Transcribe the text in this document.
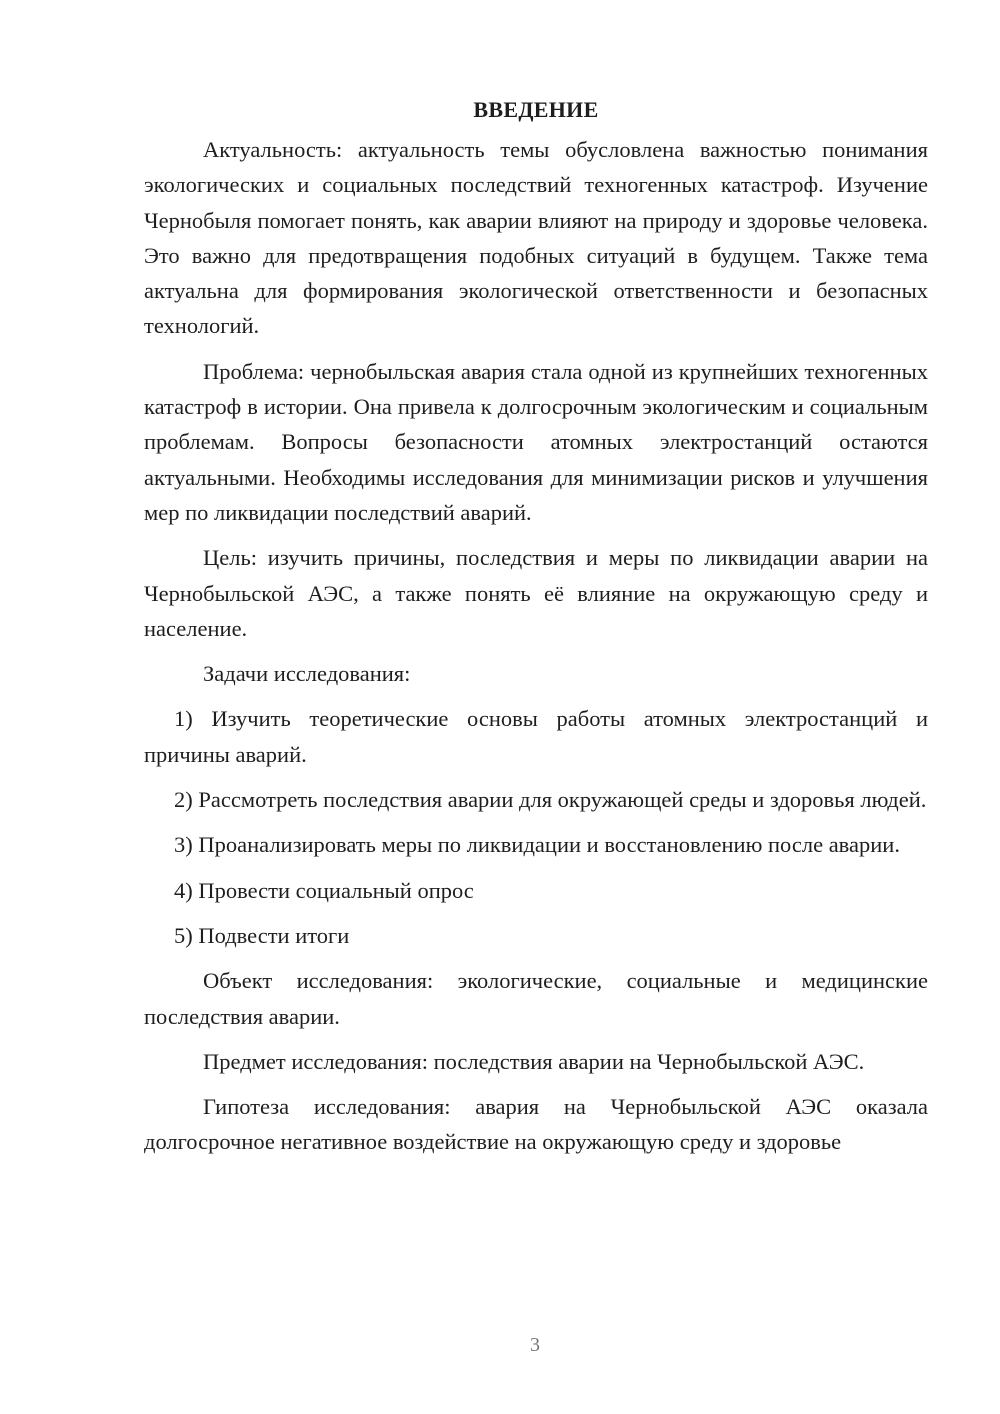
ВВЕДЕНИЕ

Актуальность: актуальность темы обусловлена важностью понимания экологических и социальных последствий техногенных катастроф. Изучение Чернобыля помогает понять, как аварии влияют на природу и здоровье человека. Это важно для предотвращения подобных ситуаций в будущем. Также тема актуальна для формирования экологической ответственности и безопасных технологий.

Проблема: чернобыльская авария стала одной из крупнейших техногенных катастроф в истории. Она привела к долгосрочным экологическим и социальным проблемам. Вопросы безопасности атомных электростанций остаются актуальными. Необходимы исследования для минимизации рисков и улучшения мер по ликвидации последствий аварий.

Цель: изучить причины, последствия и меры по ликвидации аварии на Чернобыльской АЭС, а также понять её влияние на окружающую среду и население.

Задачи исследования:

1) Изучить теоретические основы работы атомных электростанций и причины аварий.

2) Рассмотреть последствия аварии для окружающей среды и здоровья людей.

3) Проанализировать меры по ликвидации и восстановлению после аварии.

4) Провести социальный опрос

5) Подвести итоги

Объект исследования: экологические, социальные и медицинские последствия аварии.

Предмет исследования: последствия аварии на Чернобыльской АЭС.

Гипотеза исследования: авария на Чернобыльской АЭС оказала долгосрочное негативное воздействие на окружающую среду и здоровье

3
